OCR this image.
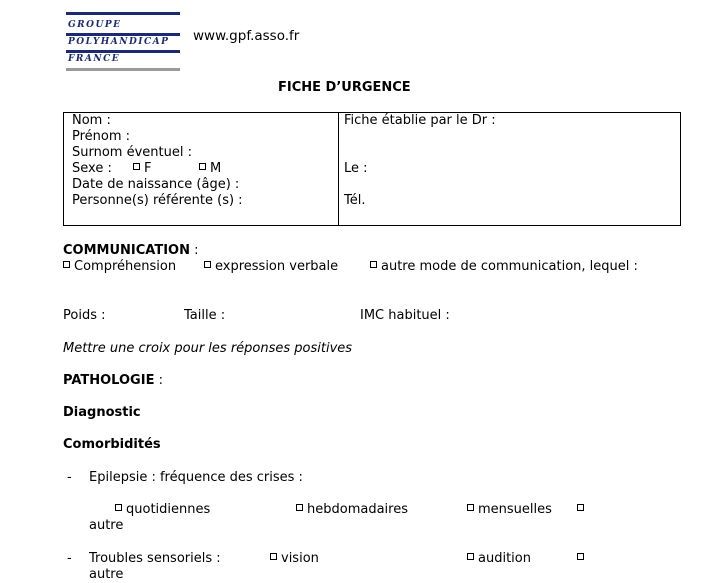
GROUPE
POLYHANDICAP
FRANCE
www.gpf.asso.fr
FICHE D’URGENCE
Nom :
Prénom :
Surnom éventuel :
Sexe :	F	M
Date de naissance (âge) :
Personne(s) référente (s) :
Fiche établie par le Dr :
Le :
Tél.
COMMUNICATION :
Compréhension	expression verbale	autre mode de communication, lequel :
Poids :	Taille :	IMC habituel :
Mettre une croix pour les réponses positives
PATHOLOGIE :
Diagnostic
Comorbidités
- Epilepsie : fréquence des crises :
quotidiennes	hebdomadaires	mensuelles
autre
- Troubles sensoriels :	vision	audition
autre
